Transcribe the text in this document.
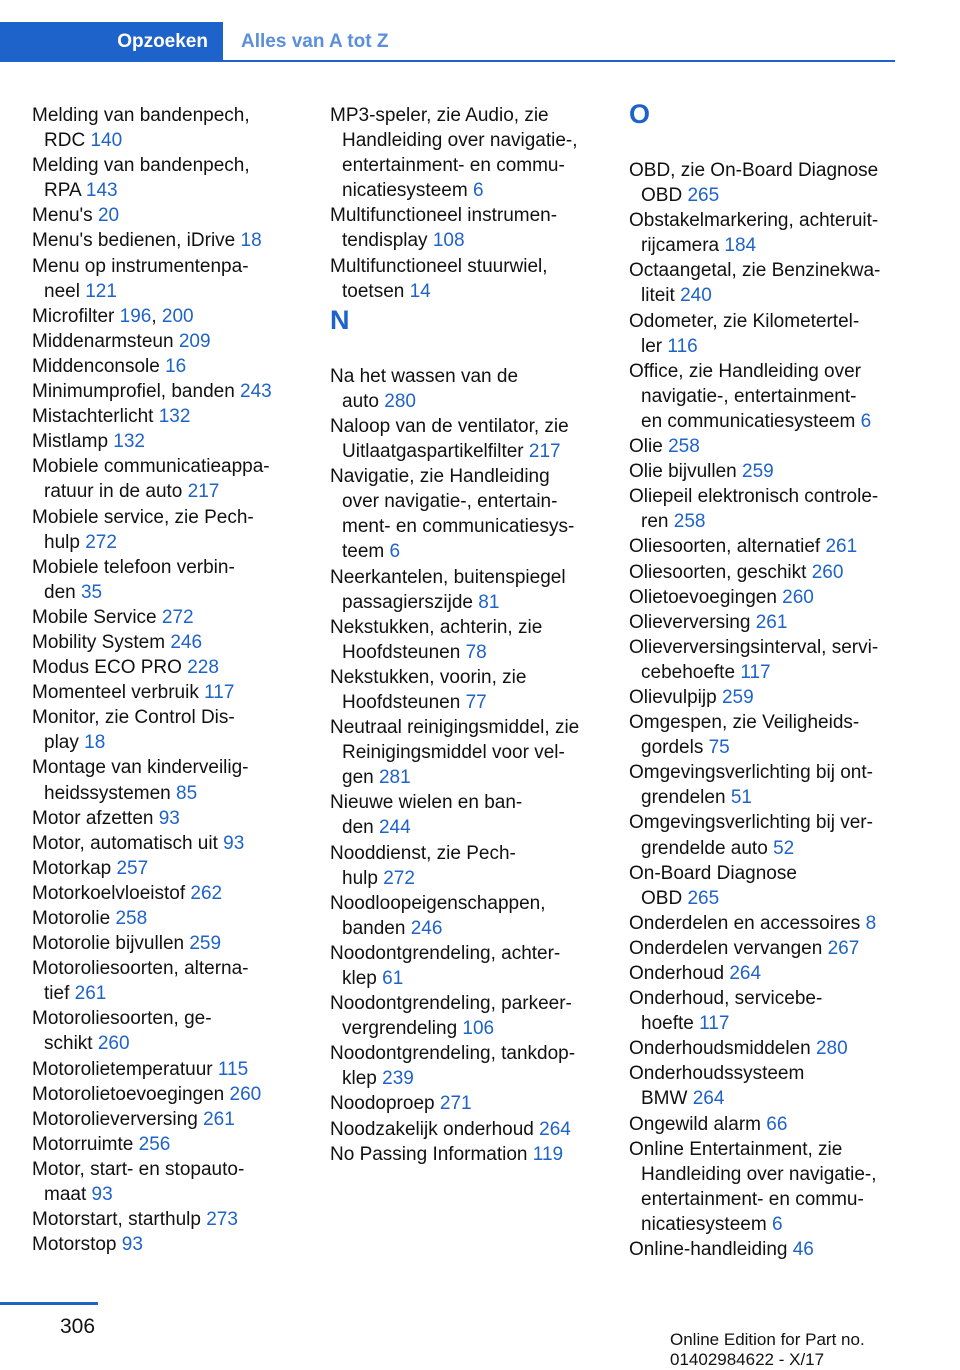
Opzoeken	Alles van A tot Z
Melding van bandenpech,
RDC 140
Melding van bandenpech,
RPA 143
Menu's 20
Menu's bedienen, iDrive 18
Menu op instrumentenpa-
neel 121
Microfilter 196, 200
Middenarmsteun 209
Middenconsole 16
Minimumprofiel, banden 243
Mistachterlicht 132
Mistlamp 132
Mobiele communicatieappa-
ratuur in de auto 217
Mobiele service, zie Pech-
hulp 272
Mobiele telefoon verbin-
den 35
Mobile Service 272
Mobility System 246
Modus ECO PRO 228
Momenteel verbruik 117
Monitor, zie Control Dis-
play 18
Montage van kinderveilig-
heidssystemen 85
Motor afzetten 93
Motor, automatisch uit 93
Motorkap 257
Motorkoelvloeistof 262
Motorolie 258
Motorolie bijvullen 259
Motoroliesoorten, alterna-
tief 261
Motoroliesoorten, ge-
schikt 260
Motorolietemperatuur 115
Motorolietoevoegingen 260
Motorolieverversing 261
Motorruimte 256
Motor, start- en stopauto-
maat 93
Motorstart, starthulp 273
Motorstop 93
MP3-speler, zie Audio, zie
Handleiding over navigatie-,
entertainment- en commu-
nicatiesysteem 6
Multifunctioneel instrumen-
tendisplay 108
Multifunctioneel stuurwiel,
toetsen 14
N
Na het wassen van de
auto 280
Naloop van de ventilator, zie
Uitlaatgaspartikelfilter 217
Navigatie, zie Handleiding
over navigatie-, entertain-
ment- en communicatiesys-
teem 6
Neerkantelen, buitenspiegel
passagierszijde 81
Nekstukken, achterin, zie
Hoofdsteunen 78
Nekstukken, voorin, zie
Hoofdsteunen 77
Neutraal reinigingsmiddel, zie
Reinigingsmiddel voor vel-
gen 281
Nieuwe wielen en ban-
den 244
Nooddienst, zie Pech-
hulp 272
Noodloopeigenschappen,
banden 246
Noodontgrendeling, achter-
klep 61
Noodontgrendeling, parkeer-
vergrendeling 106
Noodontgrendeling, tankdop-
klep 239
Noodoproep 271
Noodzakelijk onderhoud 264
No Passing Information 119
O
OBD, zie On-Board Diagnose
OBD 265
Obstakelmarkering, achteruit-
rijcamera 184
Octaangetal, zie Benzinekwa-
liteit 240
Odometer, zie Kilometertel-
ler 116
Office, zie Handleiding over
navigatie-, entertainment-
en communicatiesysteem 6
Olie 258
Olie bijvullen 259
Oliepeil elektronisch controle-
ren 258
Oliesoorten, alternatief 261
Oliesoorten, geschikt 260
Olietoevoegingen 260
Olieverversing 261
Olieverversingsinterval, servi-
cebehoefte 117
Olievulpijp 259
Omgespen, zie Veiligheids-
gordels 75
Omgevingsverlichting bij ont-
grendelen 51
Omgevingsverlichting bij ver-
grendelde auto 52
On-Board Diagnose
OBD 265
Onderdelen en accessoires 8
Onderdelen vervangen 267
Onderhoud 264
Onderhoud, servicebe-
hoefte 117
Onderhoudsmiddelen 280
Onderhoudssysteem
BMW 264
Ongewild alarm 66
Online Entertainment, zie
Handleiding over navigatie-,
entertainment- en commu-
nicatiesysteem 6
Online-handleiding 46
306
Online Edition for Part no. 01402984622 - X/17
